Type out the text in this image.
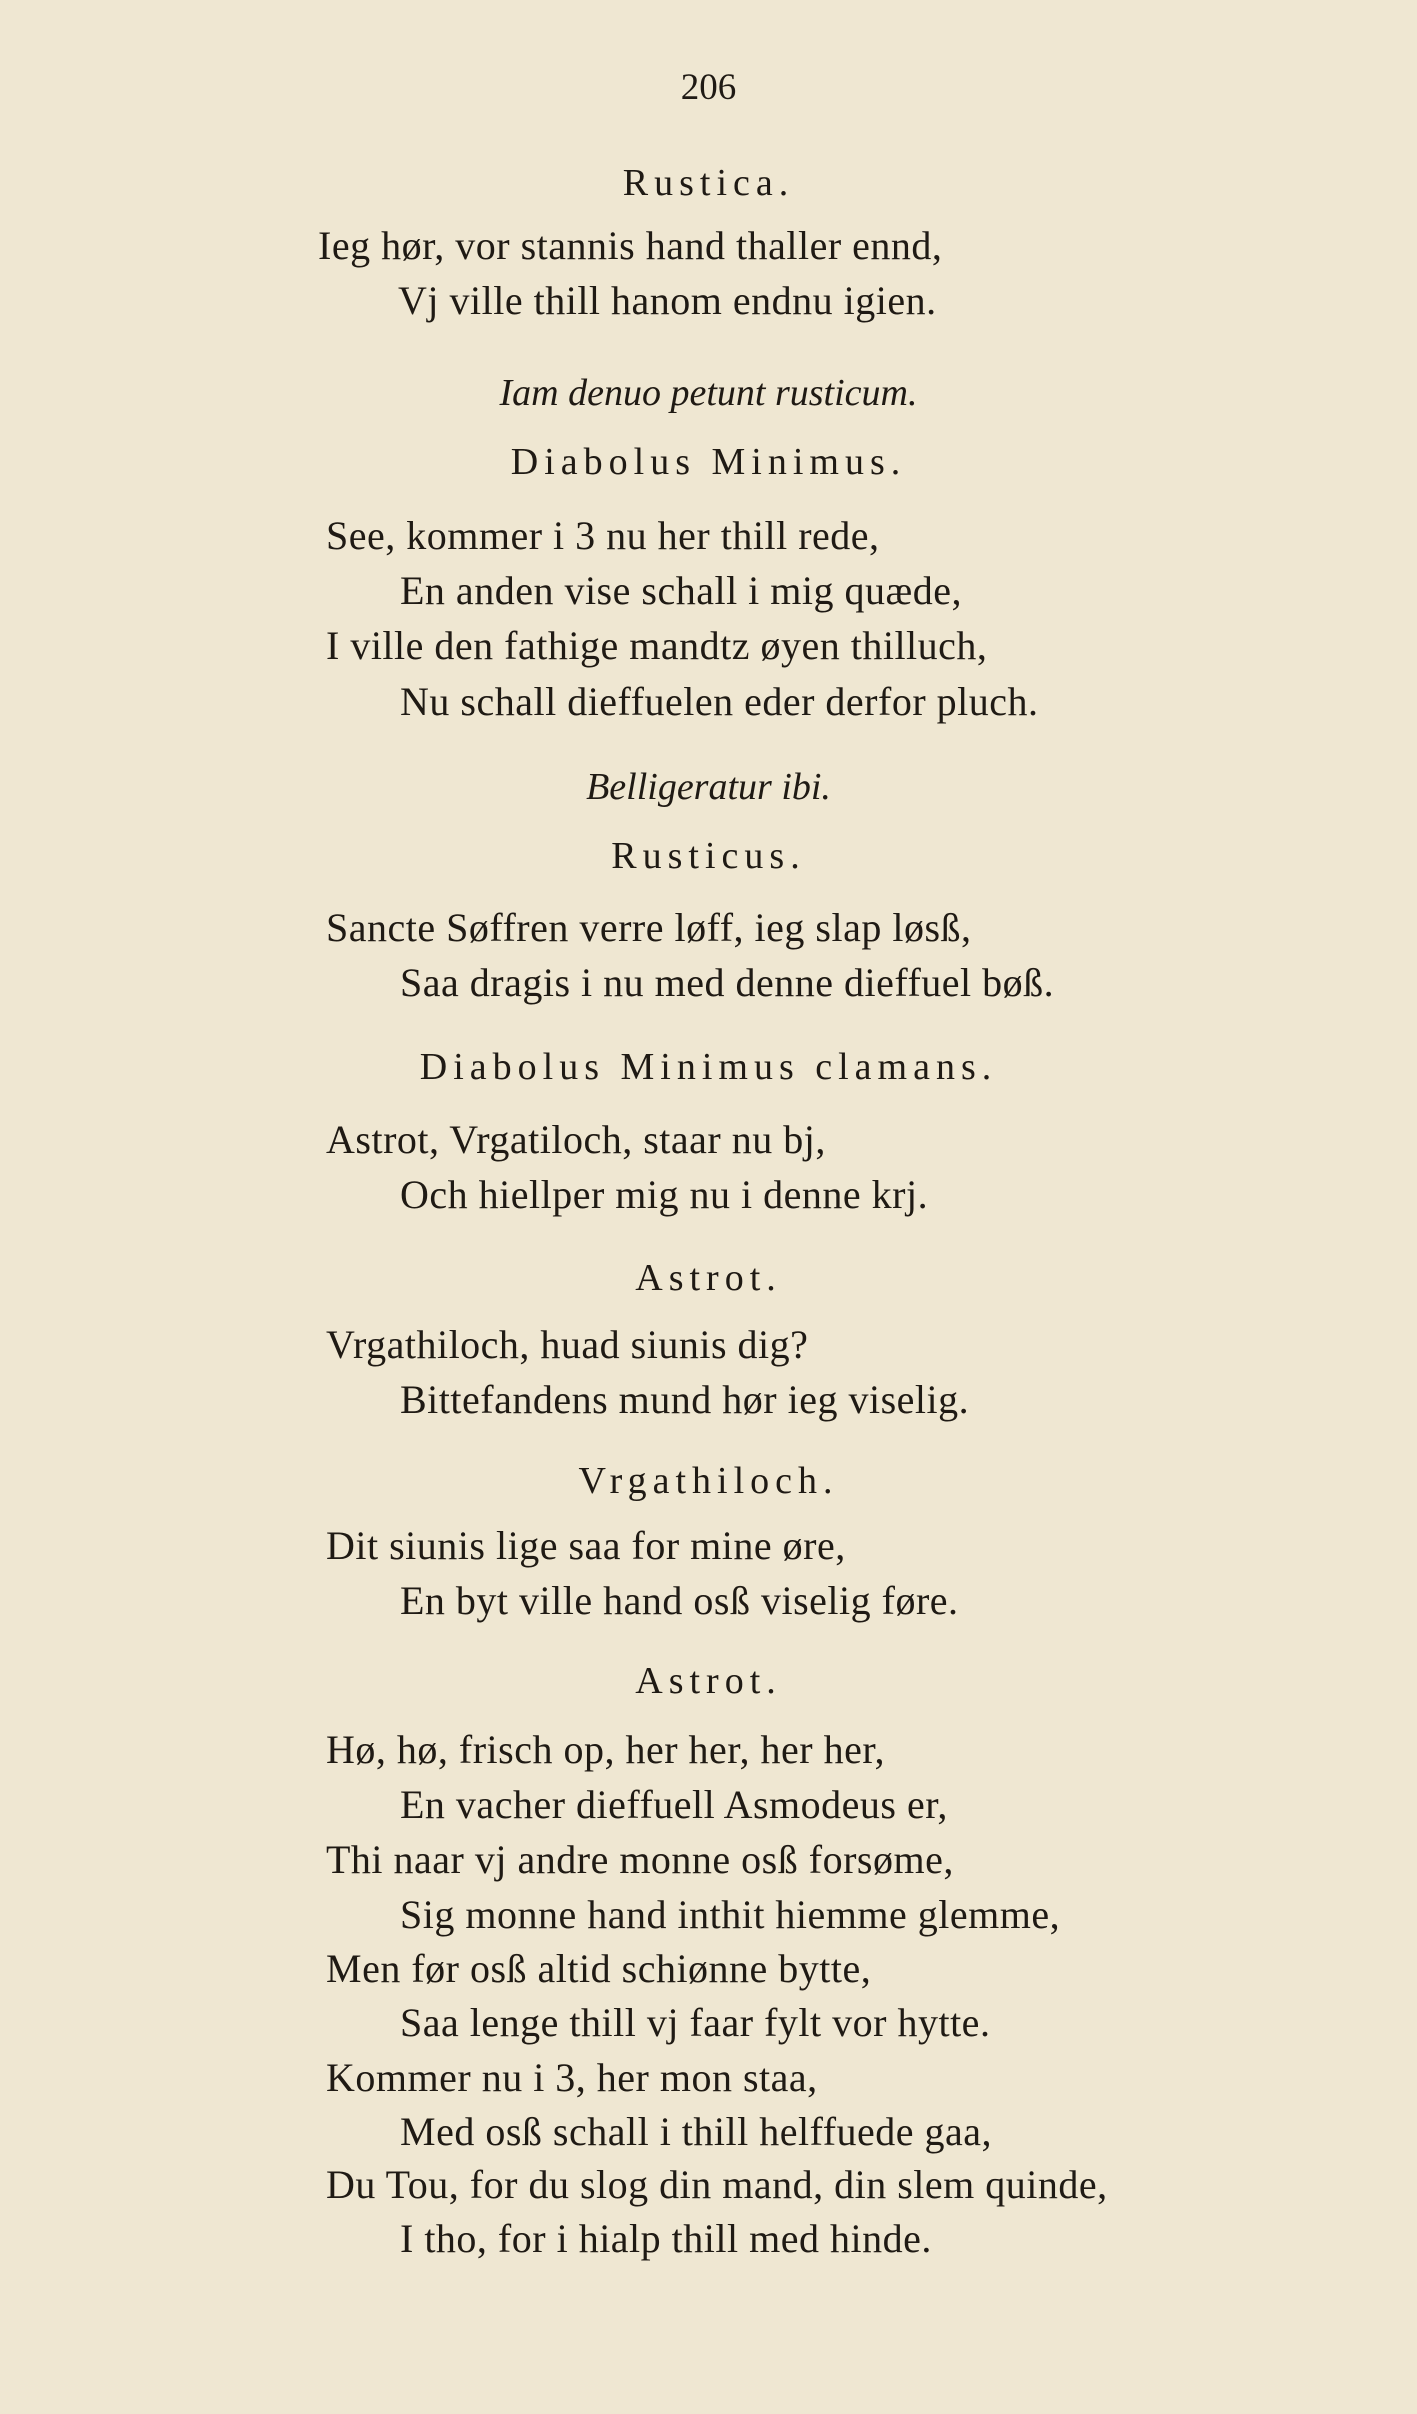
206
Rustica.
Ieg hør, vor stannis hand thaller ennd,
Vj ville thill hanom endnu igien.
Iam denuo petunt rusticum.
Diabolus Minimus.
See, kommer i 3 nu her thill rede,
En anden vise schall i mig quæde,
I ville den fathige mandtz øyen thilluch,
Nu schall dieffuelen eder derfor pluch.
Belligeratur ibi.
Rusticus.
Sancte Søffren verre løff, ieg slap løsß,
Saa dragis i nu med denne dieffuel bøß.
Diabolus Minimus clamans.
Astrot, Vrgatiloch, staar nu bj,
Och hiellper mig nu i denne krj.
Astrot.
Vrgathiloch, huad siunis dig?
Bittefandens mund hør ieg viselig.
Vrgathiloch.
Dit siunis lige saa for mine øre,
En byt ville hand osß viselig føre.
Astrot.
Hø, hø, frisch op, her her, her her,
En vacher dieffuell Asmodeus er,
Thi naar vj andre monne osß forsøme,
Sig monne hand inthit hiemme glemme,
Men før osß altid schiønne bytte,
Saa lenge thill vj faar fylt vor hytte.
Kommer nu i 3, her mon staa,
Med osß schall i thill helffuede gaa,
Du Tou, for du slog din mand, din slem quinde,
I tho, for i hialp thill med hinde.
